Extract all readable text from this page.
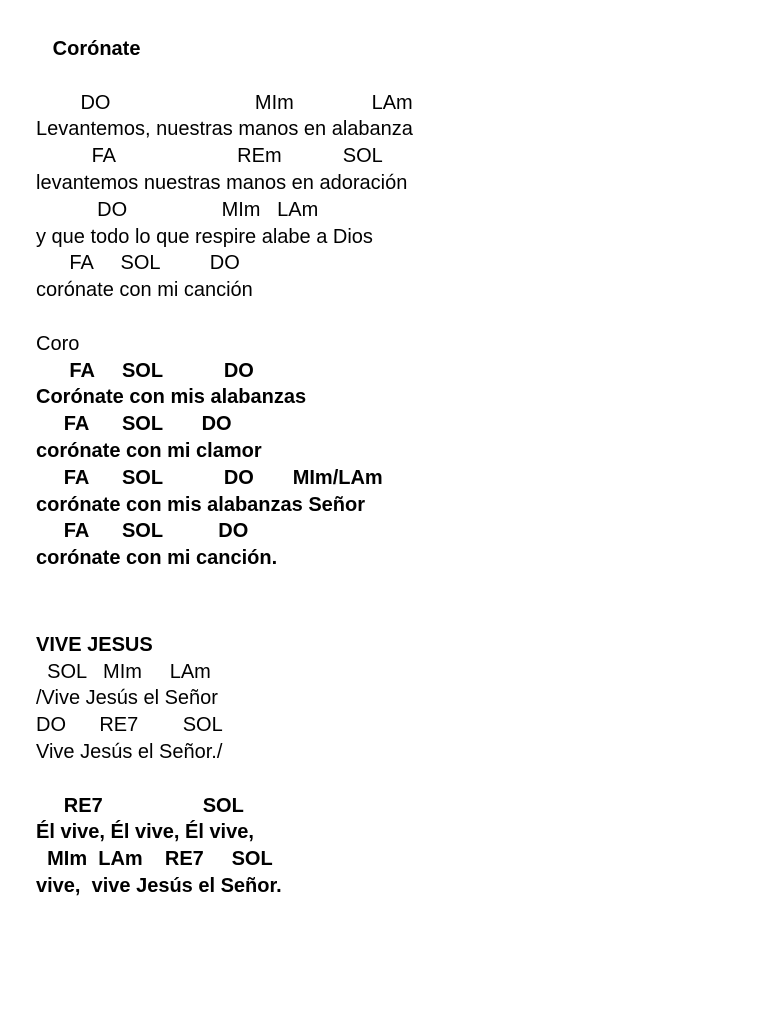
Corónate
DO                          MIm              LAm
Levantemos, nuestras manos en alabanza
FA                      REm           SOL
levantemos nuestras manos en adoración
DO                 MIm   LAm
y que todo lo que respire alabe a Dios
FA     SOL         DO
corónate con mi canción
Coro
FA     SOL           DO
Corónate con mis alabanzas
FA      SOL       DO
corónate con mi clamor
FA      SOL           DO       MIm/LAm
corónate con mis alabanzas Señor
FA      SOL          DO
corónate con mi canción.
VIVE JESUS
SOL   MIm     LAm
/Vive Jesús el Señor
DO      RE7        SOL
Vive Jesús el Señor./
RE7                  SOL
Él vive, Él vive, Él vive,
MIm  LAm    RE7     SOL
vive,  vive Jesús el Señor.
